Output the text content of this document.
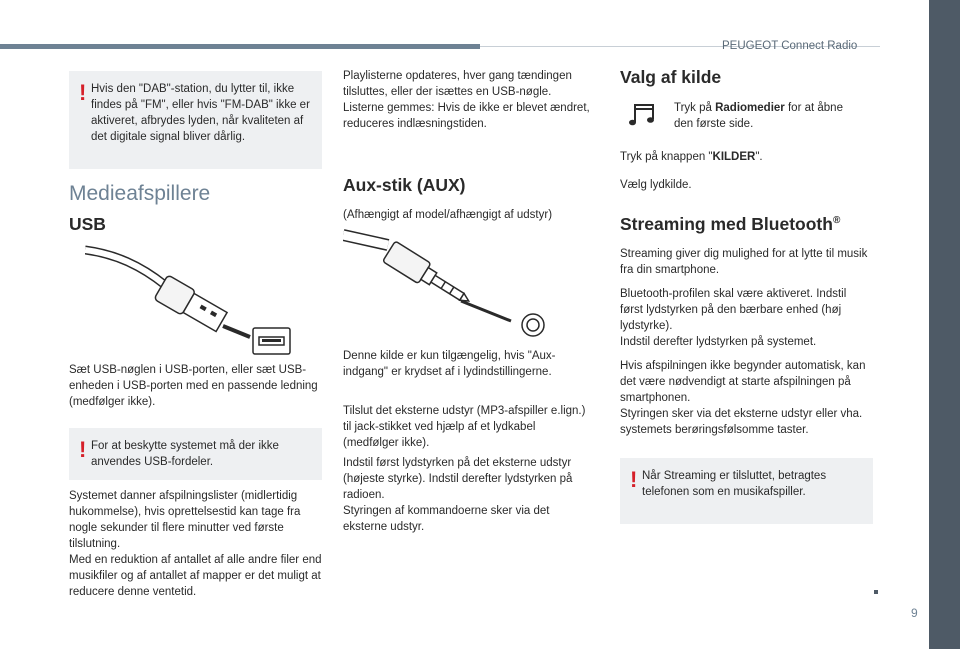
PEUGEOT Connect Radio
9
! Hvis den "DAB"-station, du lytter til, ikke findes på "FM", eller hvis "FM-DAB" ikke er aktiveret, afbrydes lyden, når kvaliteten af det digitale signal bliver dårlig.
Medieafspillere
USB
Sæt USB-nøglen i USB-porten, eller sæt USB-enheden i USB-porten med en passende ledning (medfølger ikke).
! For at beskytte systemet må der ikke anvendes USB-fordeler.
Systemet danner afspilningslister (midlertidig hukommelse), hvis oprettelsestid kan tage fra nogle sekunder til flere minutter ved første tilslutning.
Med en reduktion af antallet af alle andre filer end musikfiler og af antallet af mapper er det muligt at reducere denne ventetid.
Playlisterne opdateres, hver gang tændingen tilsluttes, eller der isættes en USB-nøgle. Listerne gemmes: Hvis de ikke er blevet ændret, reduceres indlæsningstiden.
Aux-stik (AUX)
(Afhængigt af model/afhængigt af udstyr)
Denne kilde er kun tilgængelig, hvis "Aux-indgang" er krydset af i lydindstillingerne.
Tilslut det eksterne udstyr (MP3-afspiller e.lign.) til jack-stikket ved hjælp af et lydkabel (medfølger ikke).
Indstil først lydstyrken på det eksterne udstyr (højeste styrke). Indstil derefter lydstyrken på radioen.
Styringen af kommandoerne sker via det eksterne udstyr.
Valg af kilde
Tryk på Radiomedier for at åbne den første side.
Tryk på knappen "KILDER".
Vælg lydkilde.
Streaming med Bluetooth®
Streaming giver dig mulighed for at lytte til musik fra din smartphone.
Bluetooth-profilen skal være aktiveret. Indstil først lydstyrken på den bærbare enhed (høj lydstyrke).
Indstil derefter lydstyrken på systemet.
Hvis afspilningen ikke begynder automatisk, kan det være nødvendigt at starte afspilningen på smartphonen.
Styringen sker via det eksterne udstyr eller vha. systemets berøringsfølsomme taster.
! Når Streaming er tilsluttet, betragtes telefonen som en musikafspiller.
